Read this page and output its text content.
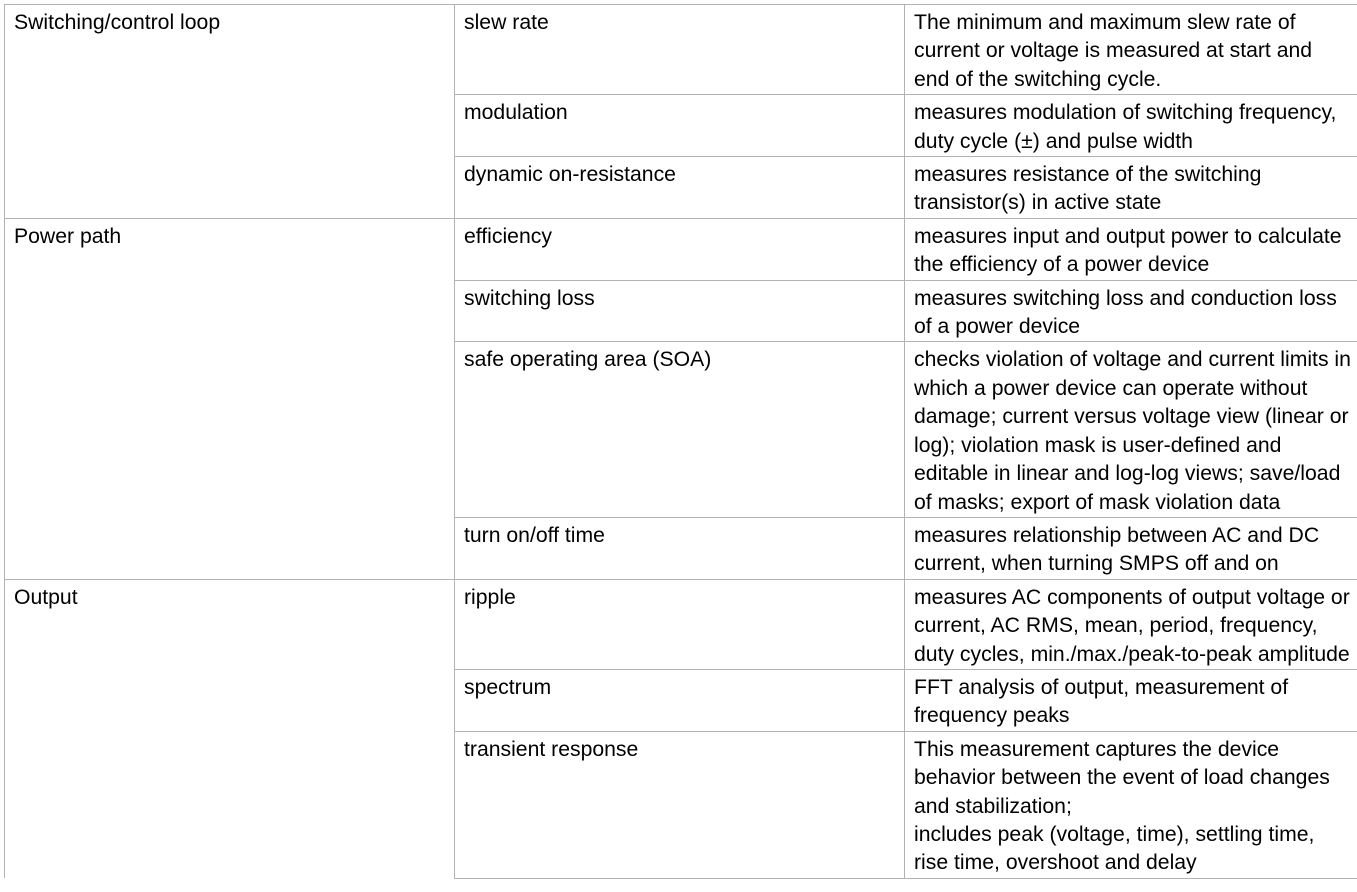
Switching/control loop	slew rate	The minimum and maximum slew rate of current or voltage is measured at start and end of the switching cycle.
	modulation	measures modulation of switching frequency, duty cycle (±) and pulse width
	dynamic on-resistance	measures resistance of the switching transistor(s) in active state
Power path	efficiency	measures input and output power to calculate the efficiency of a power device
	switching loss	measures switching loss and conduction loss of a power device
	safe operating area (SOA)	checks violation of voltage and current limits in which a power device can operate without damage; current versus voltage view (linear or log); violation mask is user-defined and editable in linear and log-log views; save/load of masks; export of mask violation data
	turn on/off time	measures relationship between AC and DC current, when turning SMPS off and on
Output	ripple	measures AC components of output voltage or current, AC RMS, mean, period, frequency, duty cycles, min./max./peak-to-peak amplitude
	spectrum	FFT analysis of output, measurement of frequency peaks
	transient response	This measurement captures the device behavior between the event of load changes and stabilization;
includes peak (voltage, time), settling time, rise time, overshoot and delay
